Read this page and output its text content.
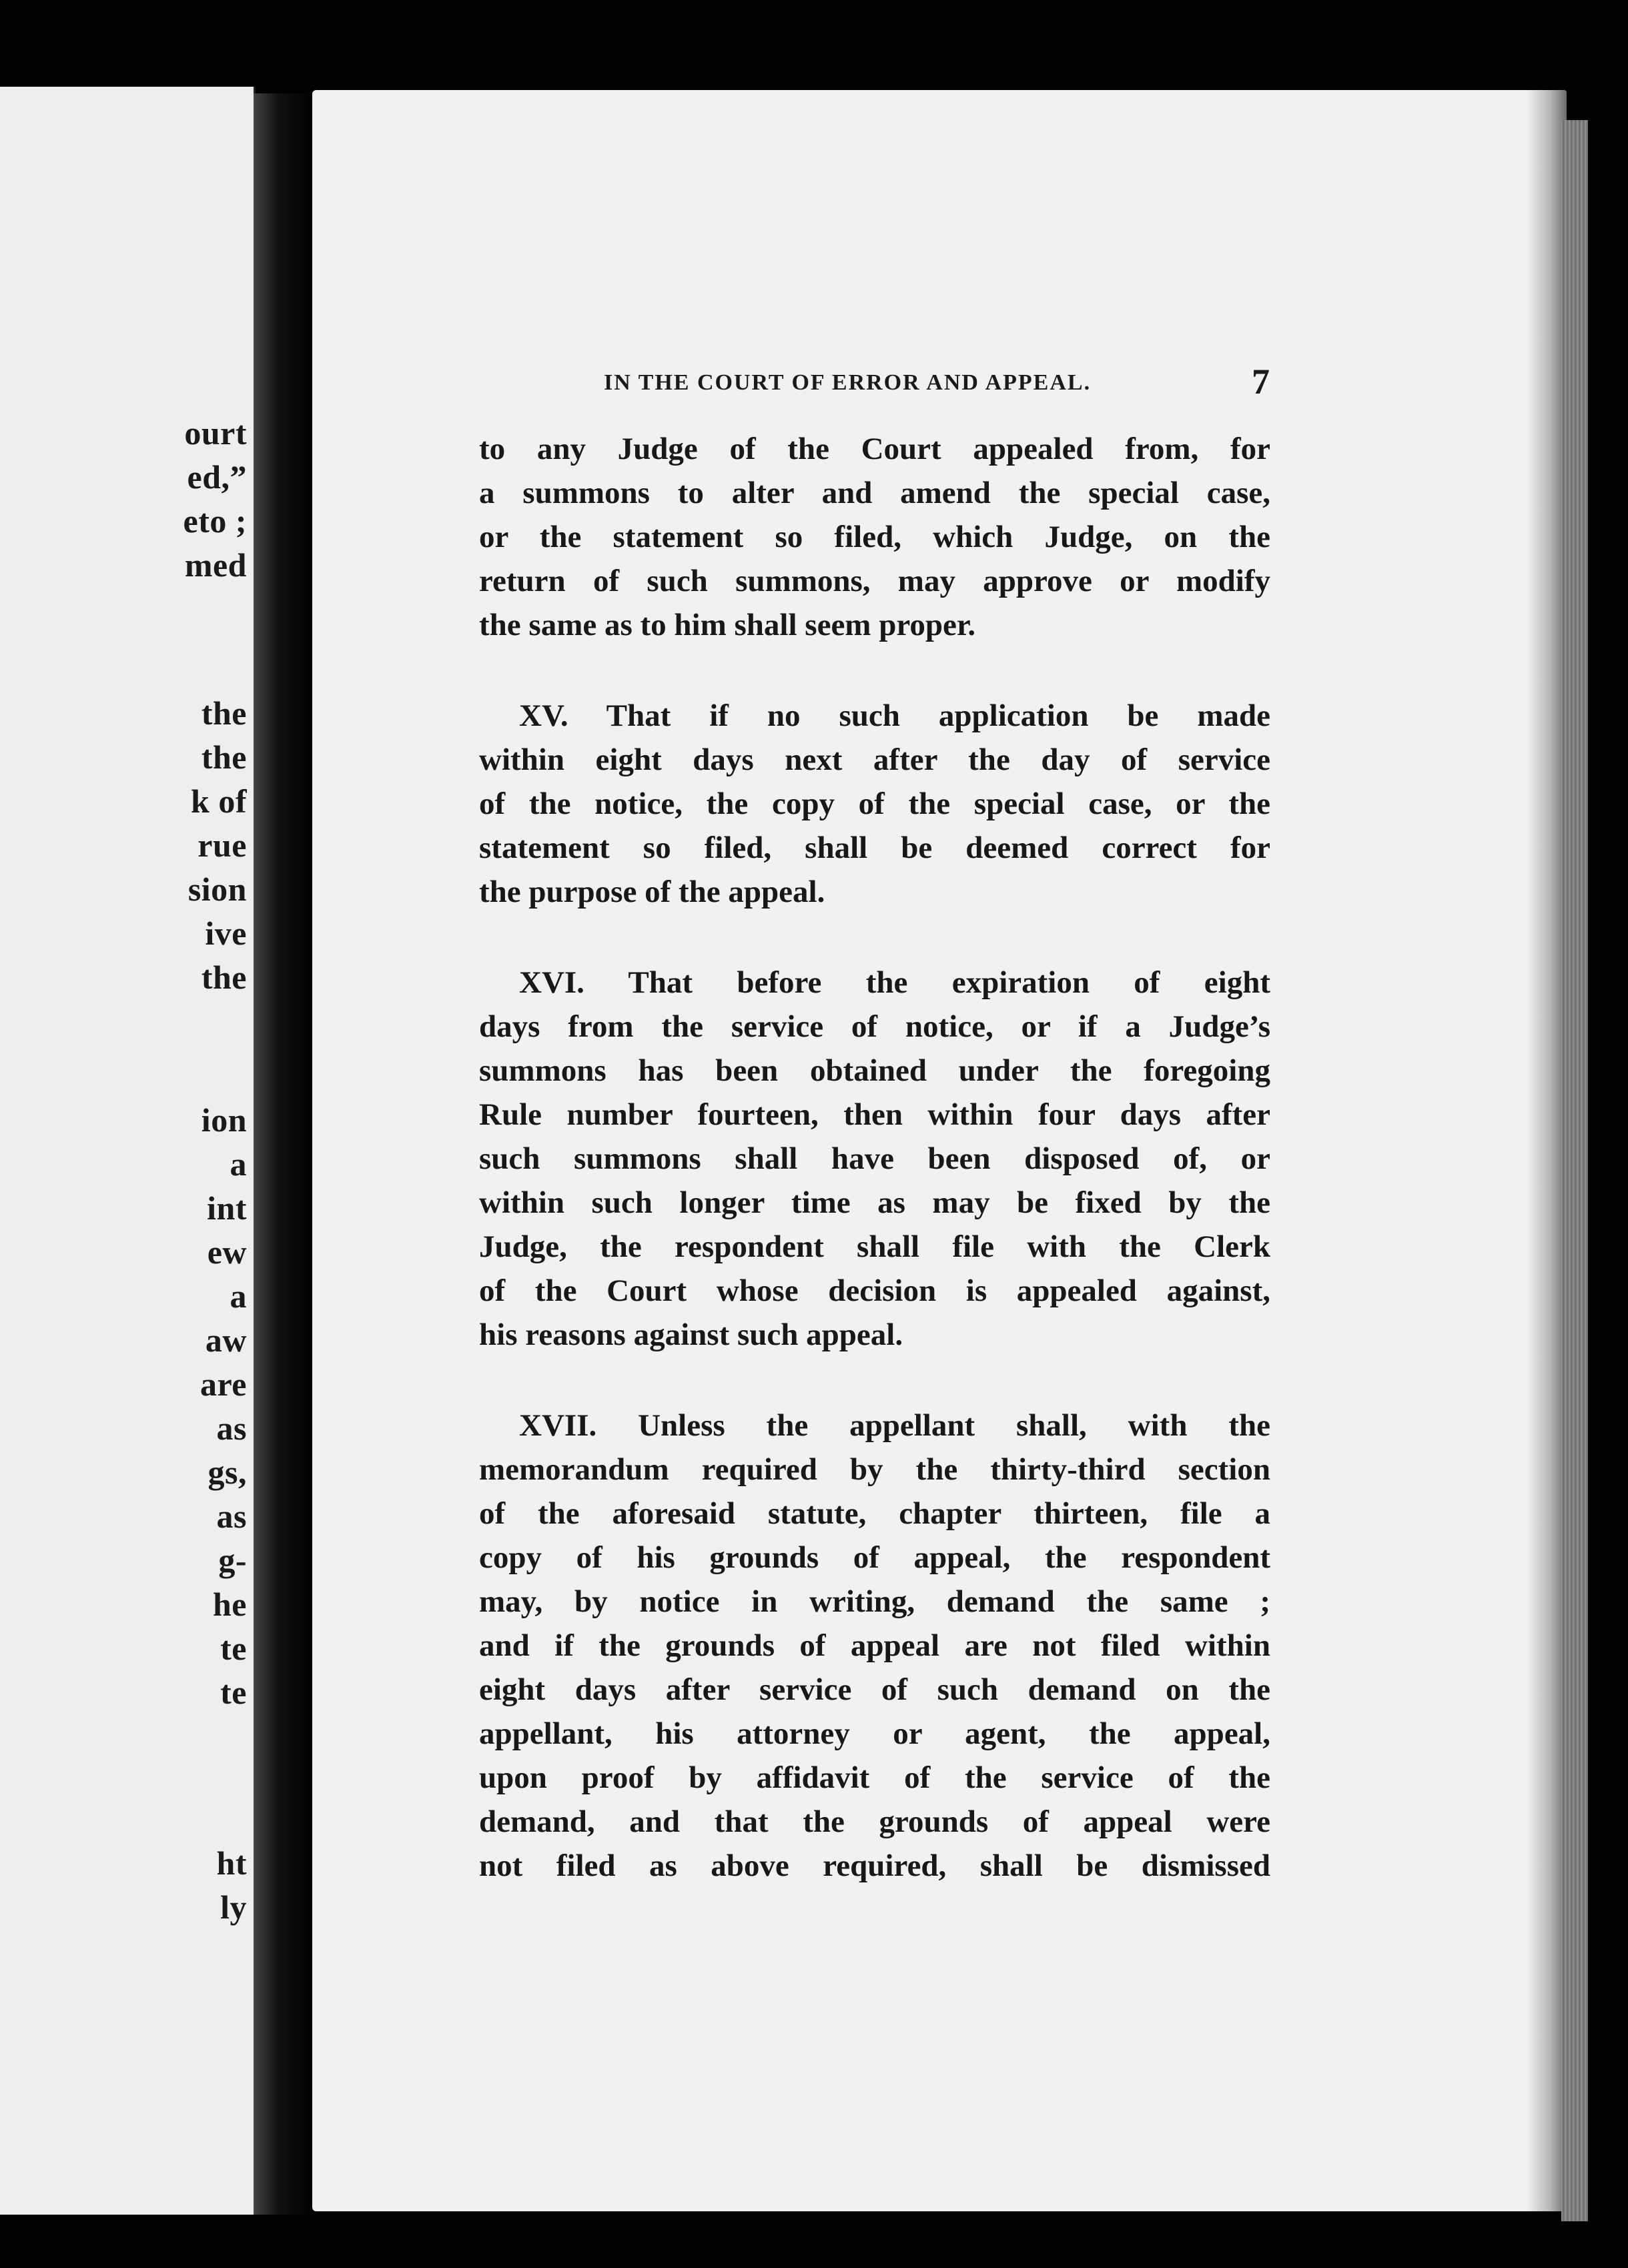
ourt
ed,”
eto ;
med
the
the
k of
rue
sion
ive
the
ion
a
int
ew
a
aw
are
as
gs,
as
g-
he
te
te
ht
ly
IN THE COURT OF ERROR AND APPEAL.	7
to any Judge of the Court appealed from, for
a summons to alter and amend the special case,
or the statement so filed, which Judge, on the
return of such summons, may approve or modify
the same as to him shall seem proper.
XV. That if no such application be made
within eight days next after the day of service
of the notice, the copy of the special case, or the
statement so filed, shall be deemed correct for
the purpose of the appeal.
XVI. That before the expiration of eight
days from the service of notice, or if a Judge’s
summons has been obtained under the foregoing
Rule number fourteen, then within four days after
such summons shall have been disposed of, or
within such longer time as may be fixed by the
Judge, the respondent shall file with the Clerk
of the Court whose decision is appealed against,
his reasons against such appeal.
XVII. Unless the appellant shall, with the
memorandum required by the thirty-third section
of the aforesaid statute, chapter thirteen, file a
copy of his grounds of appeal, the respondent
may, by notice in writing, demand the same ;
and if the grounds of appeal are not filed within
eight days after service of such demand on the
appellant, his attorney or agent, the appeal,
upon proof by affidavit of the service of the
demand, and that the grounds of appeal were
not filed as above required, shall be dismissed
